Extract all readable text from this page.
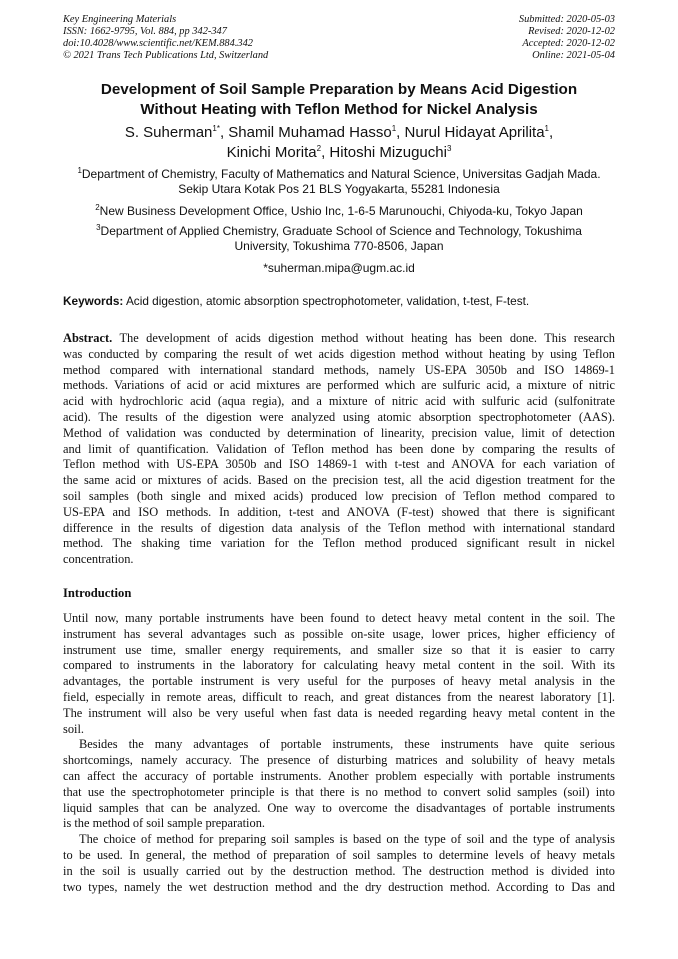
Key Engineering Materials
ISSN: 1662-9795, Vol. 884, pp 342-347
doi:10.4028/www.scientific.net/KEM.884.342
© 2021 Trans Tech Publications Ltd, Switzerland
Submitted: 2020-05-03
Revised: 2020-12-02
Accepted: 2020-12-02
Online: 2021-05-04
Development of Soil Sample Preparation by Means Acid Digestion
Without Heating with Teflon Method for Nickel Analysis
S. Suherman$^{1*}$, Shamil Muhamad Hasso$^1$, Nurul Hidayat Aprilita$^1$,
Kinichi Morita$^2$, Hitoshi Mizuguchi$^3$
$^1$Department of Chemistry, Faculty of Mathematics and Natural Science, Universitas Gadjah Mada.
Sekip Utara Kotak Pos 21 BLS Yogyakarta, 55281 Indonesia
$^2$New Business Development Office, Ushio Inc, 1-6-5 Marunouchi, Chiyoda-ku, Tokyo Japan
$^3$Department of Applied Chemistry, Graduate School of Science and Technology, Tokushima
University, Tokushima 770-8506, Japan
*suherman.mipa@ugm.ac.id
Keywords: Acid digestion, atomic absorption spectrophotometer, validation, t-test, F-test.
Abstract. The development of acids digestion method without heating has been done. This research
was conducted by comparing the result of wet acids digestion method without heating by using Teflon
method compared with international standard methods, namely US-EPA 3050b and ISO 14869-1
methods. Variations of acid or acid mixtures are performed which are sulfuric acid, a mixture of nitric
acid with hydrochloric acid (aqua regia), and a mixture of nitric acid with sulfuric acid (sulfonitrate
acid). The results of the digestion were analyzed using atomic absorption spectrophotometer (AAS).
Method of validation was conducted by determination of linearity, precision value, limit of detection
and limit of quantification. Validation of Teflon method has been done by comparing the results of
Teflon method with US-EPA 3050b and ISO 14869-1 with t-test and ANOVA for each variation of
the same acid or mixtures of acids. Based on the precision test, all the acid digestion treatment for the
soil samples (both single and mixed acids) produced low precision of Teflon method compared to
US-EPA and ISO methods. In addition, t-test and ANOVA (F-test) showed that there is significant
difference in the results of digestion data analysis of the Teflon method with international standard
method. The shaking time variation for the Teflon method produced significant result in nickel
concentration.
Introduction
Until now, many portable instruments have been found to detect heavy metal content in the soil. The
instrument has several advantages such as possible on-site usage, lower prices, higher efficiency of
instrument use time, smaller energy requirements, and smaller size so that it is easier to carry
compared to instruments in the laboratory for calculating heavy metal content in the soil. With its
advantages, the portable instrument is very useful for the purposes of heavy metal analysis in the
field, especially in remote areas, difficult to reach, and great distances from the nearest laboratory [1].
The instrument will also be very useful when fast data is needed regarding heavy metal content in the
soil.
Besides the many advantages of portable instruments, these instruments have quite serious
shortcomings, namely accuracy. The presence of disturbing matrices and solubility of heavy metals
can affect the accuracy of portable instruments. Another problem especially with portable instruments
that use the spectrophotometer principle is that there is no method to convert solid samples (soil) into
liquid samples that can be analyzed. One way to overcome the disadvantages of portable instruments
is the method of soil sample preparation.
The choice of method for preparing soil samples is based on the type of soil and the type of analysis
to be used. In general, the method of preparation of soil samples to determine levels of heavy metals
in the soil is usually carried out by the destruction method. The destruction method is divided into
two types, namely the wet destruction method and the dry destruction method. According to Das and
